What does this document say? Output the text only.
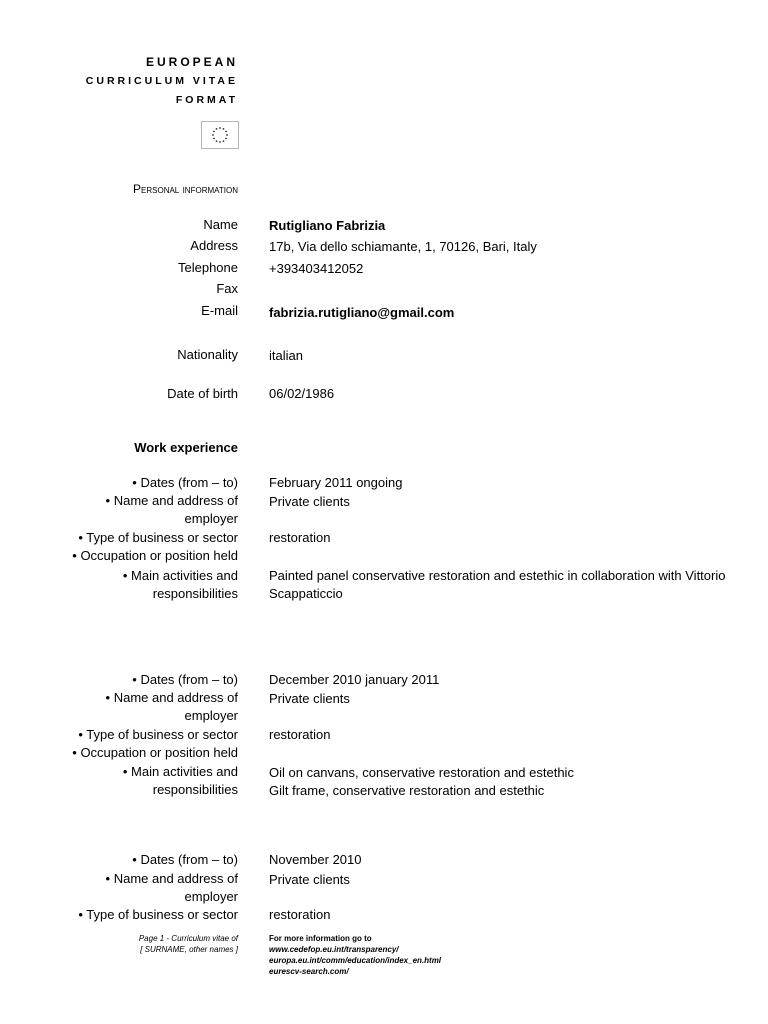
EUROPEAN
CURRICULUM VITAE
FORMAT
Personal information
Name Rutigliano Fabrizia
Address 17b, Via dello schiamante, 1, 70126, Bari, Italy
Telephone +393403412052
Fax
E-mail fabrizia.rutigliano@gmail.com
Nationality italian
Date of birth 06/02/1986
Work experience
• Dates (from – to) February 2011 ongoing
• Name and address of employer
Private clients
• Type of business or sector restoration
• Occupation or position held
• Main activities and responsibilities
Painted panel conservative restoration and estethic in collaboration with Vittorio Scappaticcio
• Dates (from – to) December 2010 january 2011
• Name and address of employer
Private clients
• Type of business or sector restoration
• Occupation or position held
• Main activities and responsibilities
Oil on canvans, conservative restoration and estethic
Gilt frame, conservative restoration and estethic
• Dates (from – to) November 2010
• Name and address of employer
Private clients
• Type of business or sector restoration
Page 1 - Curriculum vitae of
[ SURNAME, other names ]
For more information go to
www.cedefop.eu.int/transparency/
europa.eu.int/comm/education/index_en.html
eurescv-search.com/
